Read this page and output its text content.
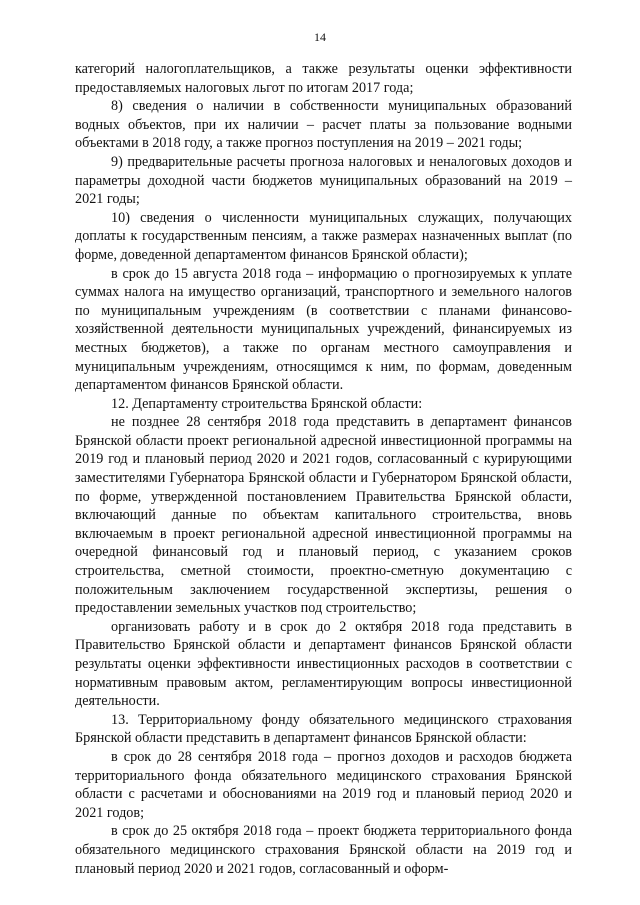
14

категорий налогоплательщиков, а также результаты оценки эффективности предоставляемых налоговых льгот по итогам 2017 года;

8) сведения о наличии в собственности муниципальных образований водных объектов, при их наличии – расчет платы за пользование водными объектами в 2018 году, а также прогноз поступления на 2019 – 2021 годы;

9) предварительные расчеты прогноза налоговых и неналоговых доходов и параметры доходной части бюджетов муниципальных образований на 2019 – 2021 годы;

10) сведения о численности муниципальных служащих, получающих доплаты к государственным пенсиям, а также размерах назначенных выплат (по форме, доведенной департаментом финансов Брянской области);

в срок до 15 августа 2018 года – информацию о прогнозируемых к уплате суммах налога на имущество организаций, транспортного и земельного налогов по муниципальным учреждениям (в соответствии с планами финансово-хозяйственной деятельности муниципальных учреждений, финансируемых из местных бюджетов), а также по органам местного самоуправления и муниципальным учреждениям, относящимся к ним, по формам, доведенным департаментом финансов Брянской области.

12. Департаменту строительства Брянской области:

не позднее 28 сентября 2018 года представить в департамент финансов Брянской области проект региональной адресной инвестиционной программы на 2019 год и плановый период 2020 и 2021 годов, согласованный с курирующими заместителями Губернатора Брянской области и Губернатором Брянской области, по форме, утвержденной постановлением Правительства Брянской области, включающий данные по объектам капитального строительства, вновь включаемым в проект региональной адресной инвестиционной программы на очередной финансовый год и плановый период, с указанием сроков строительства, сметной стоимости, проектно-сметную документацию с положительным заключением государственной экспертизы, решения о предоставлении земельных участков под строительство;

организовать работу и в срок до 2 октября 2018 года представить в Правительство Брянской области и департамент финансов Брянской области результаты оценки эффективности инвестиционных расходов в соответствии с нормативным правовым актом, регламентирующим вопросы инвестиционной деятельности.

13. Территориальному фонду обязательного медицинского страхования Брянской области представить в департамент финансов Брянской области:

в срок до 28 сентября 2018 года – прогноз доходов и расходов бюджета территориального фонда обязательного медицинского страхования Брянской области с расчетами и обоснованиями на 2019 год и плановый период 2020 и 2021 годов;

в срок до 25 октября 2018 года – проект бюджета территориального фонда обязательного медицинского страхования Брянской области на 2019 год и плановый период 2020 и 2021 годов, согласованный и оформ-
